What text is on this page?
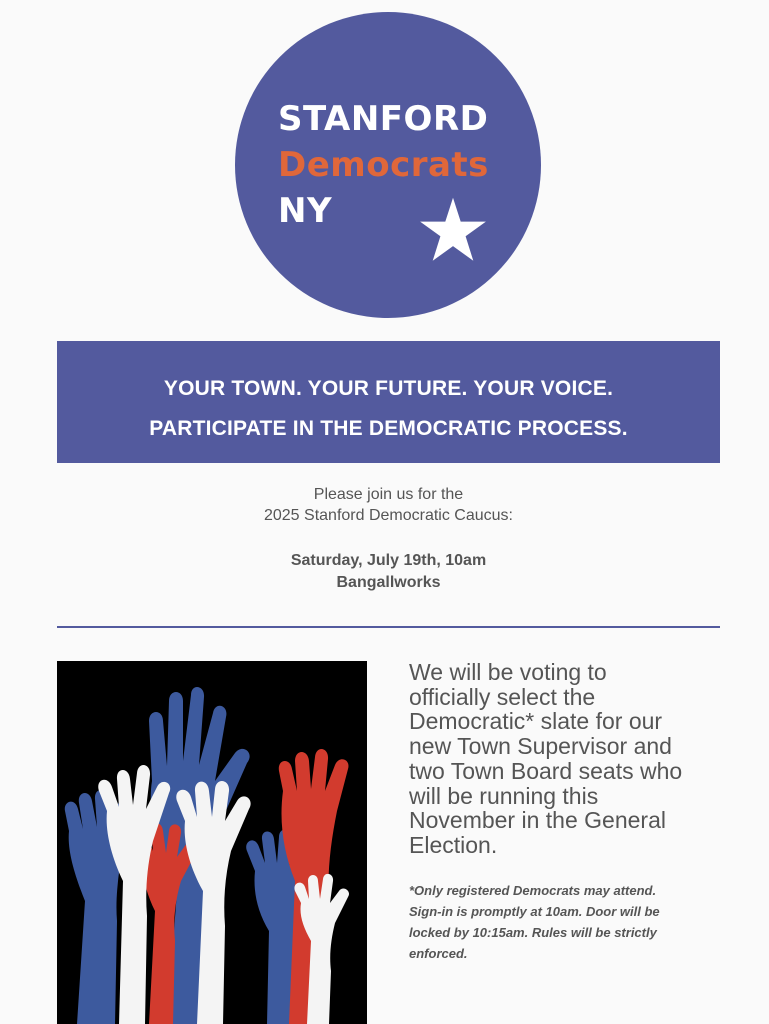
STANFORD
Democrats
NY
YOUR TOWN. YOUR FUTURE. YOUR VOICE.
PARTICIPATE IN THE DEMOCRATIC PROCESS.
Please join us for the
2025 Stanford Democratic Caucus:
Saturday, July 19th, 10am
Bangallworks
We will be voting to
officially select the
Democratic* slate for our
new Town Supervisor and
two Town Board seats who
will be running this
November in the General
Election.
*Only registered Democrats may attend.
Sign-in is promptly at 10am. Door will be
locked by 10:15am. Rules will be strictly
enforced.
